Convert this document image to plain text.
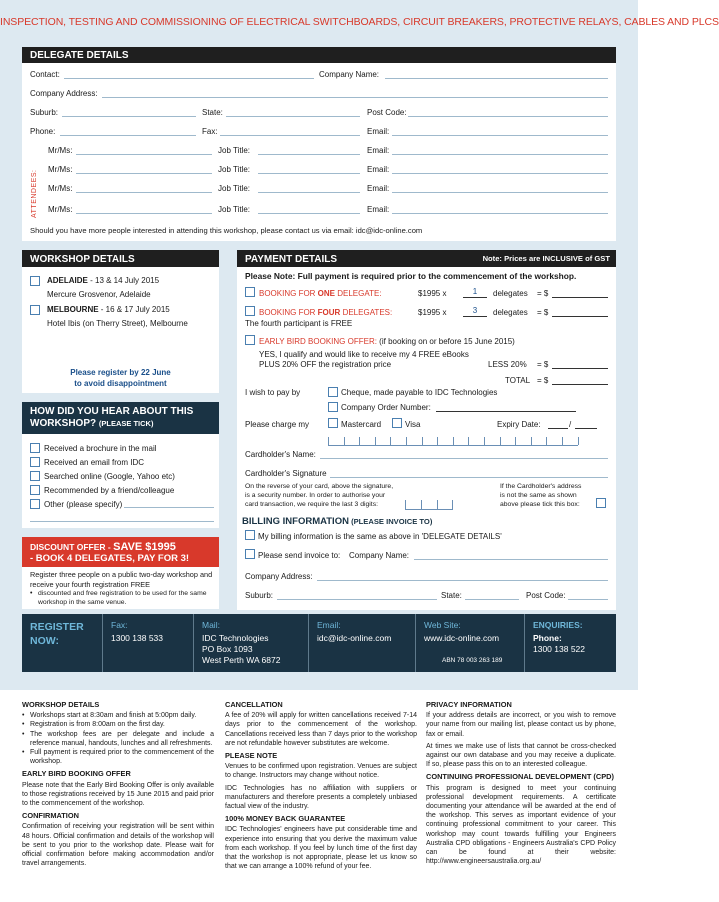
INSPECTION, TESTING AND COMMISSIONING OF ELECTRICAL SWITCHBOARDS, CIRCUIT BREAKERS, PROTECTIVE RELAYS, CABLES AND PLCS
DELEGATE DETAILS
Contact:	Company Name:
Company Address:
Suburb:	State:	Post Code:
Phone:	Fax:	Email:
ATTENDEES:
Mr/Ms:	Job Title:	Email:
Mr/Ms:	Job Title:	Email:
Mr/Ms:	Job Title:	Email:
Mr/Ms:	Job Title:	Email:
Should you have more people interested in attending this workshop, please contact us via email: idc@idc-online.com
WORKSHOP DETAILS
ADELAIDE - 13 & 14 July 2015
Mercure Grosvenor, Adelaide
MELBOURNE - 16 & 17 July 2015
Hotel Ibis (on Therry Street), Melbourne
Please register by 22 June
to avoid disappointment
HOW DID YOU HEAR ABOUT THIS
WORKSHOP? (PLEASE TICK)
Received a brochure in the mail
Received an email from IDC
Searched online (Google, Yahoo etc)
Recommended by a friend/colleague
Other (please specify)
DISCOUNT OFFER - SAVE $1995
- BOOK 4 DELEGATES, PAY FOR 3!
Register three people on a public two-day workshop and
receive your fourth registration FREE
• discounted and free registration to be used for the same
workshop in the same venue.
PAYMENT DETAILS	Note: Prices are INCLUSIVE of GST
Please Note: Full payment is required prior to the commencement of the workshop.
BOOKING FOR ONE DELEGATE:	$1995 x	1	delegates = $
BOOKING FOR FOUR DELEGATES:	$1995 x	3	delegates = $
The fourth participant is FREE
EARLY BIRD BOOKING OFFER: (if booking on or before 15 June 2015)
YES, I qualify and would like to receive my 4 FREE eBooks
PLUS 20% OFF the registration price	LESS 20% = $
TOTAL = $
I wish to pay by	Cheque, made payable to IDC Technologies
Company Order Number:
Please charge my	Mastercard	Visa	Expiry Date:	/
Cardholder's Name:
Cardholder's Signature
On the reverse of your card, above the signature,
is a security number. In order to authorise your
card transaction, we require the last 3 digits:
If the Cardholder's address
is not the same as shown
above please tick this box:
BILLING INFORMATION (PLEASE INVOICE TO)
My billing information is the same as above in 'DELEGATE DETAILS'
Please send invoice to: Company Name:
Company Address:
Suburb:	State:	Post Code:
REGISTER
NOW:
Fax:
1300 138 533
Mail:
IDC Technologies
PO Box 1093
West Perth WA 6872
Email:
idc@idc-online.com
Web Site:
www.idc-online.com
ABN 78 003 263 189
ENQUIRIES:
Phone:
1300 138 522
WORKSHOP DETAILS
• Workshops start at 8:30am and finish at 5:00pm daily.
• Registration is from 8:00am on the first day.
• The workshop fees are per delegate and include a reference manual, handouts, lunches and all refreshments.
• Full payment is required prior to the commencement of the workshop.
EARLY BIRD BOOKING OFFER

Please note that the Early Bird Booking Offer is only available to those registrations received by 15 June 2015 and paid prior to the commencement of the workshop.

CONFIRMATION

Confirmation of receiving your registration will be sent within 48 hours. Official confirmation and details of the workshop will be sent to you prior to the workshop date. Please wait for official confirmation before making accommodation and/or travel arrangements.

CANCELLATION

A fee of 20% will apply for written cancellations received 7-14 days prior to the commencement of the workshop. Cancellations received less than 7 days prior to the workshop are not refundable however substitutes are welcome.

PLEASE NOTE

Venues to be confirmed upon registration. Venues are subject to change. Instructors may change without notice.

IDC Technologies has no affiliation with suppliers or manufacturers and therefore presents a completely unbiased factual view of the industry.

100% MONEY BACK GUARANTEE

IDC Technologies' engineers have put considerable time and experience into ensuring that you derive the maximum value from each workshop. If you feel by lunch time of the first day that the workshop is not appropriate, please let us know so that we can arrange a 100% refund of your fee.

PRIVACY INFORMATION

If your address details are incorrect, or you wish to remove your name from our mailing list, please contact us by phone, fax or email.

At times we make use of lists that cannot be cross-checked against our own database and you may receive a duplicate. If so, please pass this on to an interested colleague.

CONTINUING PROFESSIONAL DEVELOPMENT (CPD)

This program is designed to meet your continuing professional development requirements. A certificate documenting your attendance will be awarded at the end of the workshop. This serves as important evidence of your continuing professional commitment to your career. This workshop may count towards fulfilling your Engineers Australia CPD obligations - Engineers Australia's CPD Policy can be found at their website: http://www.engineersaustralia.org.au/
